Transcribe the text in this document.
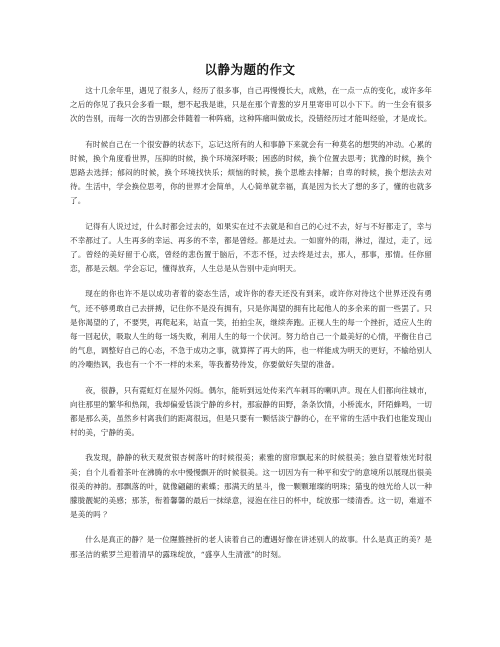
以静为题的作文

这十几余年里，遇见了很多人，经历了很多事，自己再慢慢长大，成熟，在一点一点的变化，或许多年之后的你见了我只会多看一眼，想不起我是谁，只是在那个青葱的岁月里寄串可以小下下。的一生会有很多次的告别，而每一次的告别都会伴随着一种阵痛，这种阵痛叫做成长，没错经历过才能叫经验，才是成长。

有时候自己在一个很安静的状态下，忘记这所有的人和事静下来就会有一种莫名的想哭的冲动。心累的时候，换个角度看世界，压抑的时候，换个环境深呼吸；困惑的时候，换个位置去思考；犹豫的时候，换个思路去选择；郁闷的时候，换个环境找快乐；烦恼的时候，换个思维去排解；自卑的时候，换个想法去对待。生活中，学会换位思考，你的世界才会简单，人心简单就幸福，真是因为长大了想的多了，懂的也就多了。

记得有人说过过，什么时都会过去的，如果实在过不去就是和自己的心过不去，好与不好都走了，幸与不幸都过了。人生再多的幸运、再多的不幸，都是曾经。都是过去。一如窗外的雨，淋过，湿过，走了，远了。曾经的美好留于心底，曾经的悲伤置于脑后，不恋不怪，过去终是过去，那人，那事，那情。任你留恋，都是云烟。学会忘记，懂得放弃，人生总是从告别中走向明天。

现在的你也许不是以成功者着的姿态生活，或许你的春天还没有到来，或许你对待这个世界还没有勇气，还不够勇敢自己去拼搏，记住你不是没有拥有，只是你渴望的拥有比起他人的多余来的面一些罢了。只是你渴望的了，不要哭，再爬起来，站直一笑，拍拍尘灰，继续奔跑。正视人生的每一个挫折，适应人生的每一回起伏，吸取人生的每一场失败，利用人生的每一个伏河。努力给自己一个最美好的心情，平衡住自己的气息，调整好自己的心态，不急于成功之事，就算挥了再大的阵，也一样能成为明天的更好，不输给别人的冷嘲热讽，我也有一个不一样的未来，等我蓄势待发，你要做好失望的准备。

夜，很静，只有霓虹灯在屋外闪烁。偶尔，能听到远处传来汽车刺耳的喇叭声。现在人们都向往城市，向往那里的繁华和热闹，我却偏爱恬淡宁静的乡村，那寂静的田野，条条饮情，小桥流水，阡陌蜂鸣，一切都是那么美，虽然乡村离我们的距离很远，但是只要有一颗恬淡宁静的心，在平常的生活中我们也能发现山村的美，宁静的美。

我发现，静静的秋天观赏银杏树落叶的时候很美；素雅的窗帘飘起来的时候很美；独自望着烛光时很美；自个儿看着茶叶在沸腾的水中慢慢飘开的时候很美。这一切因为有一种平和安宁的意境所以展现出很美很美的神韵。那飘落的叶，就像翩翩的素蝶；那满天的星斗，像一颗颗璀璨的明珠；猫曳的烛光给人以一种朦胧靓妮的美感；那茶，衔着馨馨的最后一抹绿意，浸泡在往日的杯中，绽放那一缕清香。这一切，难道不是美的吗 ？

什么是真正的静？是一位隰盩挫折的老人读着自己的遭遇好像在讲述别人的故事。什么是真正的美？是那圣洁的紫罗兰迎着清早的露珠绽放，“盛享人生清涨”的时刻。
